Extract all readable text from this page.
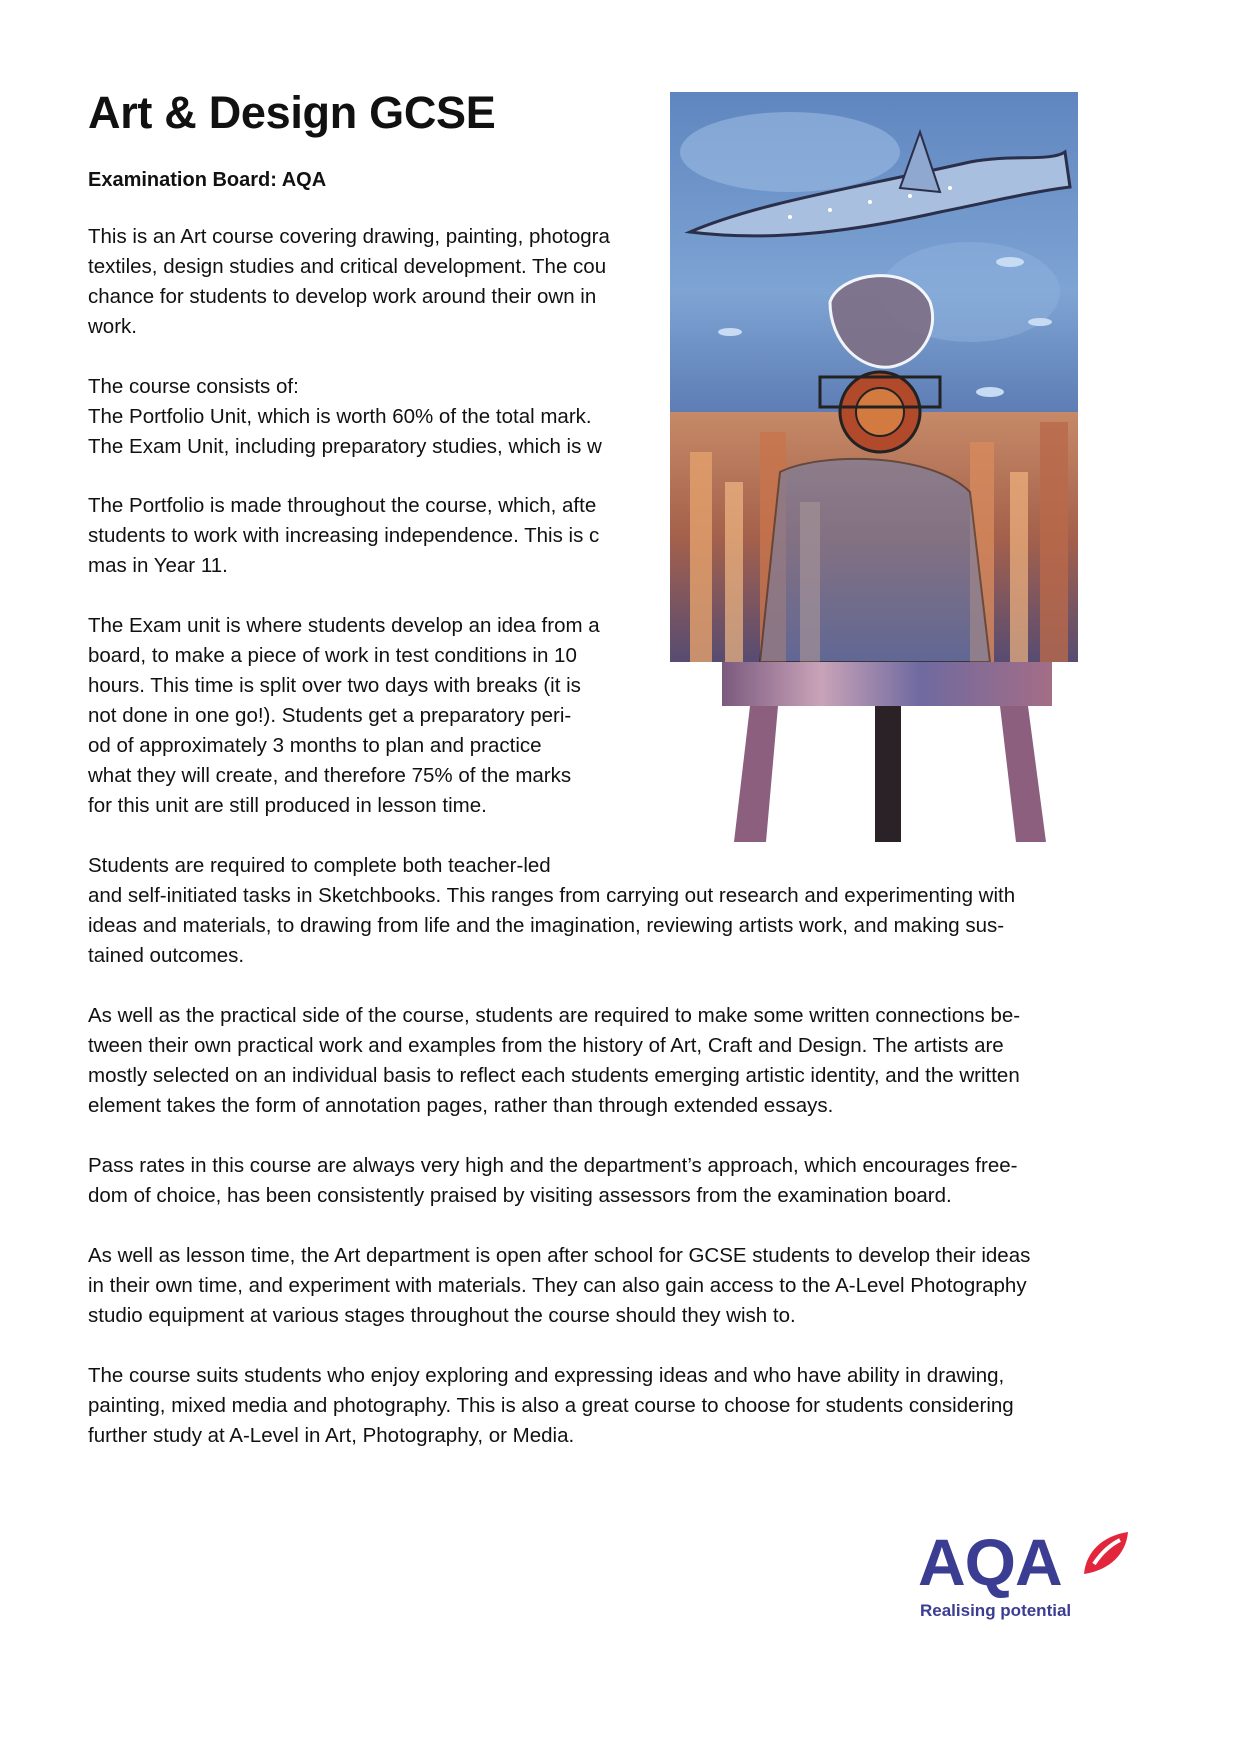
Art & Design GCSE

Examination Board: AQA

This is an Art course covering drawing, painting, photogra
textiles, design studies and critical development. The cou
chance for students to develop work around their own in
work.

The course consists of:
The Portfolio Unit, which is worth 60% of the total mark.
The Exam Unit, including preparatory studies, which is w

The Portfolio is made throughout the course, which, afte
students to work with increasing independence. This is c
mas in Year 11.

The Exam unit is where students develop an idea from a
board, to make a piece of work in test conditions in 10
hours. This time is split over two days with breaks (it is
not done in one go!). Students get a preparatory peri-
od of approximately 3 months to plan and practice
what they will create, and therefore 75% of the marks
for this unit are still produced in lesson time.

Students are required to complete both teacher-led
and self-initiated tasks in Sketchbooks. This ranges from carrying out research and experimenting with
ideas and materials, to drawing from life and the imagination, reviewing artists work, and making sus-
tained outcomes.

As well as the practical side of the course, students are required to make some written connections be-
tween their own practical work and examples from the history of Art, Craft and Design. The artists are
mostly selected on an individual basis to reflect each students emerging artistic identity, and the written
element takes the form of annotation pages, rather than through extended essays.

Pass rates in this course are always very high and the department’s approach, which encourages free-
dom of choice, has been consistently praised by visiting assessors from the examination board.

As well as lesson time, the Art department is open after school for GCSE students to develop their ideas
in their own time, and experiment with materials. They can also gain access to the A-Level Photography
studio equipment at various stages throughout the course should they wish to.

The course suits students who enjoy exploring and expressing ideas and who have ability in drawing,
painting, mixed media and photography. This is also a great course to choose for students considering
further study at A-Level in Art, Photography, or Media.

AQA

Realising potential
